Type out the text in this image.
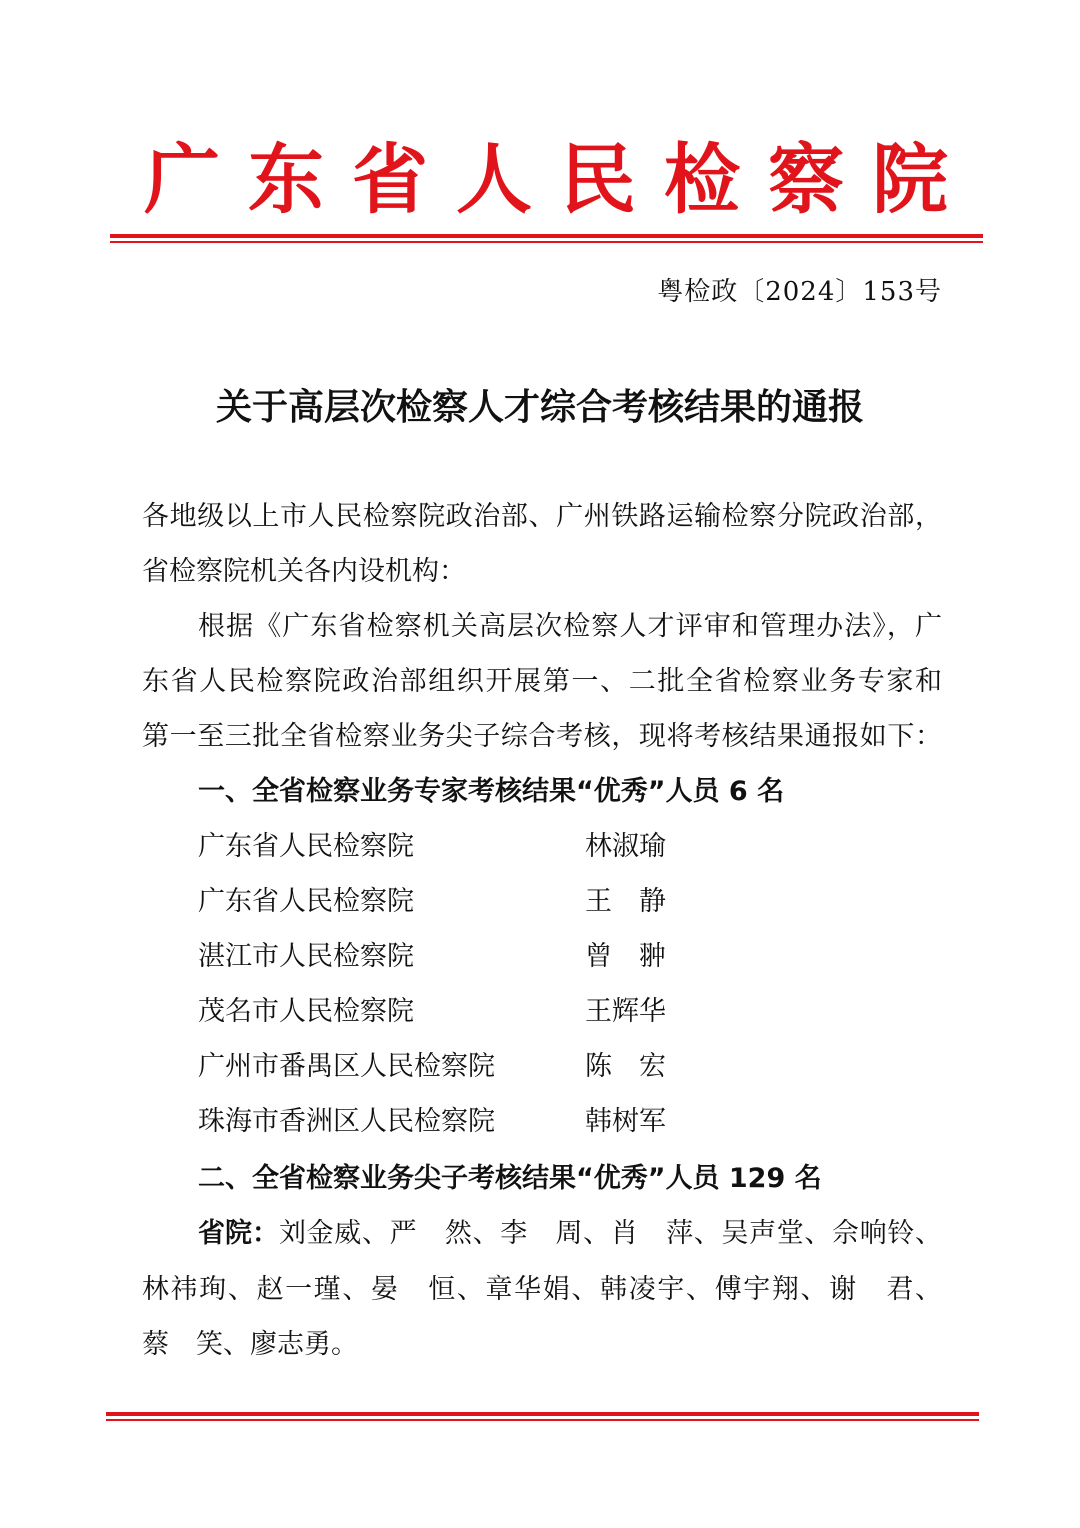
广东省人民检察院
粤检政〔2024〕153号
关于高层次检察人才综合考核结果的通报
各地级以上市人民检察院政治部、广州铁路运输检察分院政治部，
省检察院机关各内设机构：
根据《广东省检察机关高层次检察人才评审和管理办法》，广
东省人民检察院政治部组织开展第一、二批全省检察业务专家和
第一至三批全省检察业务尖子综合考核，现将考核结果通报如下：
一、全省检察业务专家考核结果“优秀”人员 6 名
广东省人民检察院	林淑瑜
广东省人民检察院	王　静
湛江市人民检察院	曾　翀
茂名市人民检察院	王辉华
广州市番禺区人民检察院	陈　宏
珠海市香洲区人民检察院	韩树军
二、全省检察业务尖子考核结果“优秀”人员 129 名
省院： 刘金威、严　然、李　周、肖　萍、吴声堂、佘响铃、
林祎珣、赵一瑾、晏　恒、章华娟、韩凌宇、傅宇翔、谢　君、
蔡　笑、廖志勇。
